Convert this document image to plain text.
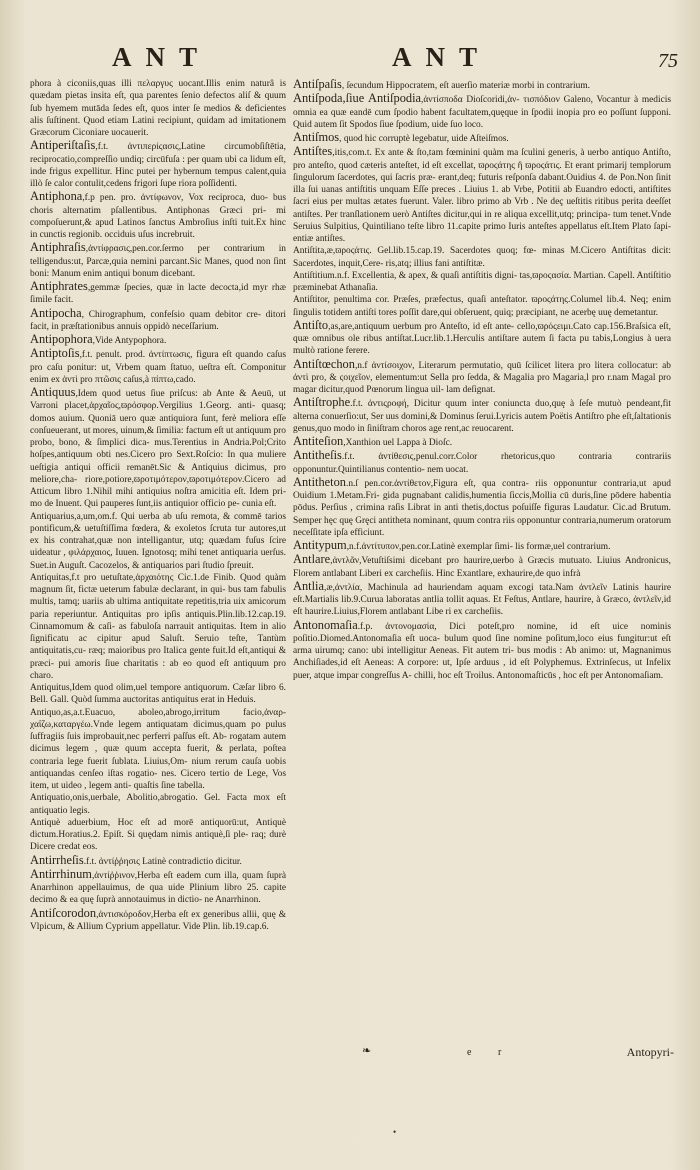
ANT	ANT	75

phora à ciconiis,quas illi πελαργυς uocant.Illis enim naturâ is quædam pietas insita eſt, qua parentes ſenio defectos aliſ & quum ſub hyemem mutāda ſedes eſt, quos inter ſe medios & deficientes alis ſuſtinent. Quod etiam Latini recipiunt, quidam ad imitationem Græcorum Ciconiare uocauerit.

Antiperiſtaſis,f.t. ἀντιπερίςασις,Latine circumobſiſtētia, reciprocatio,compreſſio undiq; circūfuſa : per quam ubi ca lidum eſt, inde frigus expellitur. Hinc putei per hybernum tempus calent,quia illò ſe calor contulit,cedens frigori ſupe riora poſſidenti.

Antiphona,f.p pen. pro. ἀντίφωνον, Vox reciproca, duo- bus choris alternatim pſallentibus. Antiphonas Græci pri- mi compoſuerunt,& apud Latinos ſanctus Ambroſius inſti tuit.Ex hinc in cunctis regionib. occiduis uſus increbruit.

Antiphraſis,ἀντίφρασις,pen.cor.ſermo per contrarium in telligendus:ut, Parcæ,quia nemini parcant.Sic Manes, quod non ſint boni: Manum enim antiqui bonum dicebant.

Antiphrates,gemmæ ſpecies, quæ in lacte decocta,id myr rhæ ſimile facit.

Antipocha, Chirographum, confeſsio quam debitor cre- ditori facit, in præſtationibus annuis oppidò neceſſarium.

Antipophora,Vide Antypophora.

Antiptoſis,f.t. penult. prod. ἀντίπτωσις, figura eſt quando caſus pro caſu ponitur: ut, Vrbem quam ſtatuo, ueſtra eſt. Componitur enim ex ἀντὶ pro πτῶσις caſus,à πίπτω,cado.

Antiquus,Idem quod uetus ſiue priſcus: ab Ante & Aeuū, ut Varroni placet,ἀρχαῖος,ϖρόσφορ.Vergilius 1.Georg. anti- quasq; domos auium. Quoniā uero quæ antiquiora ſunt, ferè meliora eſſe conſueuerant, ut mores, uinum,& ſimilia: factum eſt ut antiquum pro probo, bono, & ſimplici dica- mus.Terentius in Andria.Pol;Crito hoſpes,antiquum obti nes.Cicero pro Sext.Roſcio: In qua muliere ueſtigia antiqui officii remanēt.Sic & Antiquius dicimus, pro meliore,cha- riore,potiore,ϖροτιμότερον,ϖροτιμότερον.Cicero ad Atticum libro 1.Nihil mihi antiquius noſtra amicitia eſt. Idem pri- mo de Inuent. Qui pauperes ſunt,iis antiquior officio pe- cunia eſt.

Antiquarius,a,um,om.f. Qui uerba ab uſu remota, & commē tarios pontificum,& uetuſtiſſima fœdera, & exoletos ſcruta tur autores,ut ex his contrahat,quæ non intelligantur, utq; quædam fuſus ſcire uideatur , φιλάρχαιος, Iuuen. Ignotosq; mihi tenet antiquaria uerſus. Suet.in Auguſt. Cacozelos, & antiquarios pari ſtudio ſpreuit.

Antiquitas,f.t pro uetuſtate,ἀρχαιότης Cic.1.de Finib. Quod quàm magnum ſit, fictæ ueterum fabulæ declarant, in qui- bus tam fabulis multis, tamq; uariis ab ultima antiquitate repetitis,tria uix amicorum paria reperiuntur. Antiquitas pro ipſis antiquis.Plin.lib.12.cap.19. Cinnamomum & caſi- as fabuloſa narrauit antiquitas. Item in alio ſignificatu ac cipitur apud Saluſt. Seruio teſte, Tantùm antiquitatis,cu- ræq; maioribus pro Italica gente fuit.Id eſt,antiqui & præci- pui amoris ſiue charitatis : ab eo quod eſt antiquum pro charo.

Antiquitus,Idem quod olim,uel tempore antiquorum. Cæſar libro 6. Bell. Gall. Quòd ſumma auctoritas antiquitus erat in Heduis.

Antiquo,as,a.t.Euacuo, aboleo,abrogo,irritum facio,ἀναρ- χαΐζω,καταργέω.Vnde legem antiquatam dicimus,quam po pulus ſuffragiis ſuis improbauit,nec perferri paſſus eſt. Ab- rogatam autem dicimus legem , quæ quum accepta fuerit, & perlata, poſtea contraria lege fuerit ſublata. Liuius,Om- nium rerum cauſa uobis antiquandas cenſeo iſtas rogatio- nes. Cicero tertio de Lege, Vos item, ut uideo , legem anti- quaſtis ſine tabella.

Antiquatio,onis,uerbale, Abolitio,abrogatio. Gel. Facta mox eſt antiquatio legis.

Antiquè aduerbium, Hoc eſt ad morē antiquorū:ut, Antiquè dictum.Horatius.2. Epiſt. Si quędam nimis antiquè,ſi ple- raq; durè Dicere credat eos.

Antirrheſis.f.t. ἀντίῤῥησις Latinè contradictio dicitur.

Antirrhinum,ἀντίῤῥινον,Herba eſt eadem cum illa, quam ſuprà Anarrhinon appellauimus, de qua uide Plinium libro 25. capite decimo & ea quę ſuprà annotauimus in dictio- ne Anarrhinon.

Antiſcorodon,ἀντισκόροδον,Herba eſt ex generibus allii, quę & Vlpicum, & Allium Cyprium appellatur. Vide Plin. lib.19.cap.6.

Antiſpaſis, ſecundum Hippocratem, eſt auerſio materiæ morbi in contrarium.

Antiſpoda,ſiue Antiſpodia,ἀντίσποδα Dioſcoridi,ἀν- τισπόδιον Galeno, Vocantur à medicis omnia ea quæ eandē cum ſpodio habent facultatem,quęque in ſpodii inopia pro eo poſſunt ſupponi. Quid autem ſit Spodos ſiue ſpodium, uide ſuo loco.

Antiſmos, quod hic corruptè legebatur, uide Aſteiſmos.

Antiſtes,itis,com.t. Ex ante & ſto,tam fœminini quàm ma ſculini generis, à uerbo antiquo Antiſto, pro anteſto, quod cæteris anteſtet, id eſt excellat, ϖροςάτης ἢ ϖροςάτις. Et erant primarij templorum ſingulorum ſacerdotes, qui ſacris præ- erant,deq; futuris reſponſa dabant.Ouidius 4. de Pon.Non ſinit illa ſui uanas antiſtitis unquam Eſſe preces . Liuius 1. ab Vrbe, Potitii ab Euandro edocti, antiſtites ſacri eius per multas ætates fuerunt. Valer. libro primo ab Vrb . Ne deç ueſtitis ritibus perita deeſſet antiſtes. Per tranſlationem uerò Antiſtes dicitur,qui in re aliqua excellit,utq; principa- tum tenet.Vnde Seruius Sulpitius, Quintiliano teſte libro 11.capite primo Iuris anteſtes appellatus eſt.Item Plato ſapi- entiæ antiſtes.

Antiſtita,æ,ϖροςάτις. Gel.lib.15.cap.19. Sacerdotes quoq; fœ- minas M.Cicero Antiſtitas dicit: Sacerdotes, inquit,Cere- ris,atq; illius fani antiſtitæ.

Antiſtitium.n.f. Excellentia, & apex, & quaſi antiſtitis digni- tas,ϖροςασία. Martian. Capell. Antiſtitio præminebat Athanaſia.

Antiſtitor, penultima cor. Præſes, præfectus, quaſi anteſtator. ϖροςάτης.Columel lib.4. Neq; enim ſingulis totidem antiſti tores poſſit dare,qui obſeruent, quiq; præcipiant, ne acerbę uuę demetantur.

Antiſto,as,are,antiquum uerbum pro Anteſto, id eſt ante- cello,ϖρόςειμι.Cato cap.156.Braſsica eſt, quæ omnibus ole ribus antiſtat.Lucr.lib.1.Herculis antiſtare autem ſi facta pu tabis,Longius à uera multò ratione ferere.

Antiſtœchon,n.f ἀντίσοιχον, Literarum permutatio, quū ſcilicet litera pro litera collocatur: ab ἀντὶ pro, & ςοιχεῖον, elementum:ut Sella pro ſedda, & Magalia pro Magaria,l pro r.nam Magal pro magar dicitur,quod Pœnorum lingua uil- lam deſignat.

Antiſtrophe.f.t. ἀντιςροφή, Dicitur quum inter coniuncta duo,quę à ſeſe mutuò pendeant,fit alterna conuerſio:ut, Ser uus domini,& Dominus ſerui.Lyricis autem Poëtis Antiſtro phe eſt,ſaltationis genus,quo modo in ſiniſtram choros age rent,ac reuocarent.

Antiteſion,Xanthion uel Lappa à Dioſc.

Antitheſis.f.t. ἀντίθεσις,penul.corr.Color rhetoricus,quo contraria contrariis opponuntur.Quintilianus contentio- nem uocat.

Antitheton.n.ſ pen.cor.ἀντίθετον,Figura eſt, qua contra- riis opponuntur contraria,ut apud Ouidium 1.Metam.Fri- gida pugnabant calidis,humentia ſiccis,Mollia cū duris,ſine pōdere habentia pōdus. Perſius , crimina raſis Librat in anti thetis,doctus poſuiſſe figuras Laudatur. Cic.ad Brutum. Semper hęc quę Gręci antitheta nominant, quum contra riis opponuntur contraria,numerum oratorum neceſſitate ipſa efficiunt.

Antitypum,n.f.ἀντίτυπον,pen.cor.Latinè exemplar ſimi- lis formæ,uel contrarium.

Antlare,ἀντλᾶν,Vetuſtiſsimi dicebant pro haurire,uerbo à Græcis mutuato. Liuius Andronicus, Florem antlabant Liberi ex carcheſiis. Hinc Exantlare, exhaurire,de quo infrà

Antlia,æ,ἀντλία, Machinula ad hauriendam aquam excogi tata.Nam ἀντλεῖν Latinis haurire eſt.Martialis lib.9.Curua laboratas antlia tollit aquas. Et Feſtus, Antlare, haurire, à Græco, ἀντλεῖν,id eſt haurire.Liuius,Florem antlabant Libe ri ex carcheſiis.

Antonomaſia.f.p. ἀντονομασία, Dici poteſt,pro nomine, id eſt uice nominis poſitio.Diomed.Antonomaſia eſt uoca- bulum quod ſine nomine poſitum,loco eius fungitur:ut eſt arma uirumq; cano: ubi intelligitur Aeneas. Fit autem tri- bus modis : Ab animo: ut, Magnanimus Anchiſiades,id eſt Aeneas: A corpore: ut, Ipſe arduus , id eſt Polyphemus. Extrinſecus, ut Infelix puer, atque impar congreſſus A- chilli, hoc eſt Troilus. Antonomaſticūs , hoc eſt per Antonomaſiam.

e r	Antopyri-
❧
•
